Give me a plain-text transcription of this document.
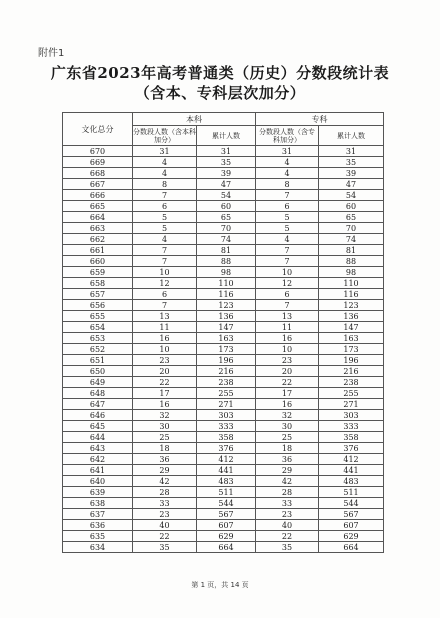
附件1
广东省2023年高考普通类（历史）分数段统计表
（含本、专科层次加分）
文化总分	本科		专科	
	分数段人数（含本科加分）	累计人数	分数段人数（含专科加分）	累计人数
670	31	31	31	31
669	4	35	4	35
668	4	39	4	39
667	8	47	8	47
666	7	54	7	54
665	6	60	6	60
664	5	65	5	65
663	5	70	5	70
662	4	74	4	74
661	7	81	7	81
660	7	88	7	88
659	10	98	10	98
658	12	110	12	110
657	6	116	6	116
656	7	123	7	123
655	13	136	13	136
654	11	147	11	147
653	16	163	16	163
652	10	173	10	173
651	23	196	23	196
650	20	216	20	216
649	22	238	22	238
648	17	255	17	255
647	16	271	16	271
646	32	303	32	303
645	30	333	30	333
644	25	358	25	358
643	18	376	18	376
642	36	412	36	412
641	29	441	29	441
640	42	483	42	483
639	28	511	28	511
638	33	544	33	544
637	23	567	23	567
636	40	607	40	607
635	22	629	22	629
634	35	664	35	664
第 1 页，共 14 页
